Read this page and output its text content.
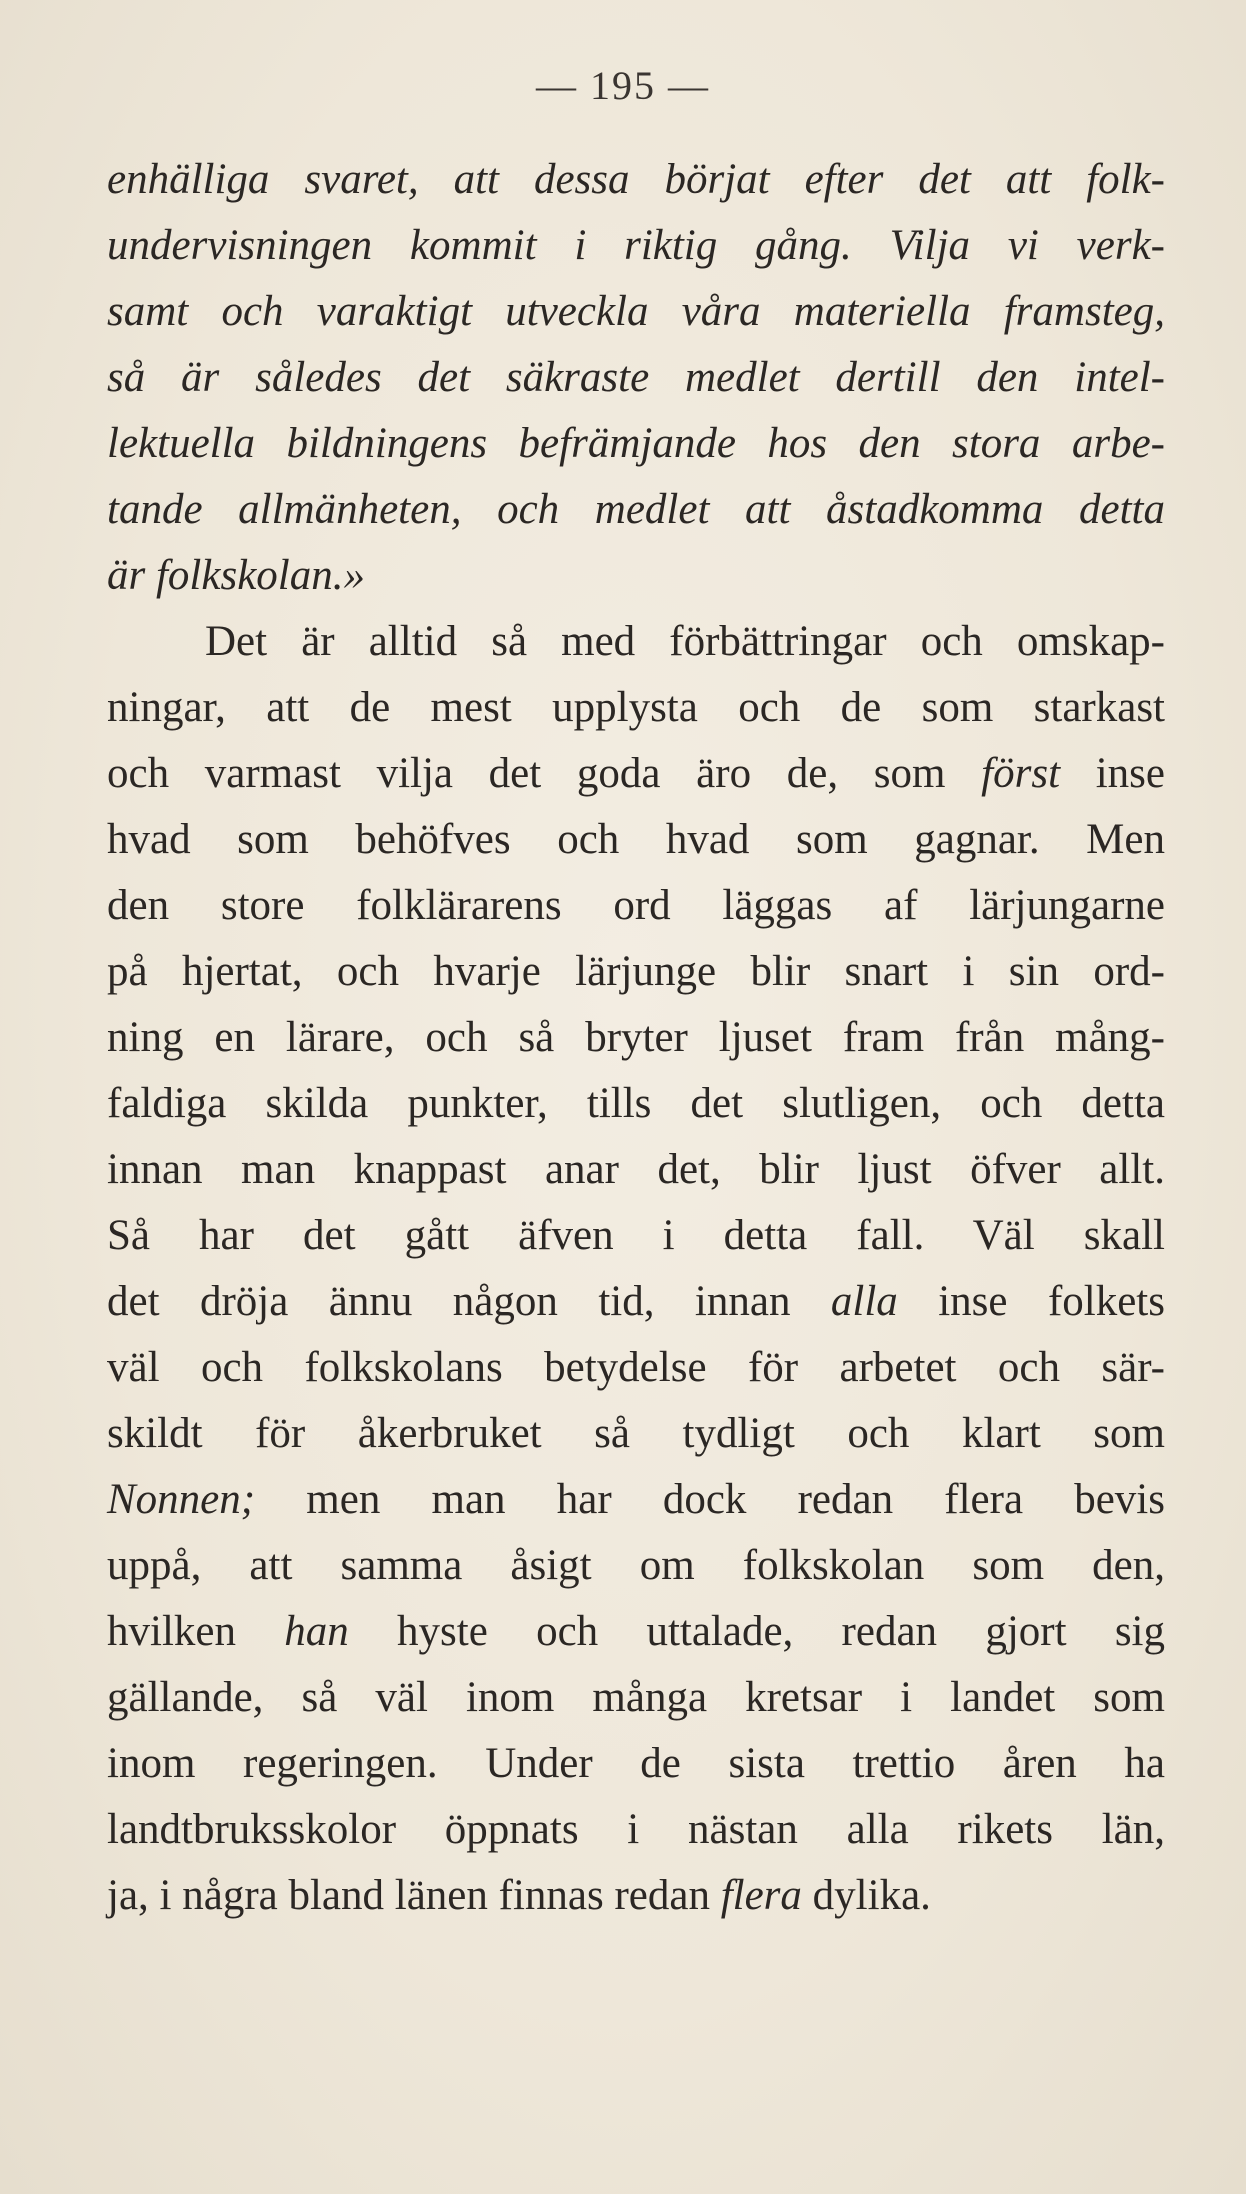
— 195 —
enhälliga svaret, att dessa börjat efter det att folk-
undervisningen kommit i riktig gång. Vilja vi verk-
samt och varaktigt utveckla våra materiella framsteg,
så är således det säkraste medlet dertill den intel-
lektuella bildningens befrämjande hos den stora arbe-
tande allmänheten, och medlet att åstadkomma detta
är folkskolan.»
Det är alltid så med förbättringar och omskap-
ningar, att de mest upplysta och de som starkast
och varmast vilja det goda äro de, som först inse
hvad som behöfves och hvad som gagnar. Men
den store folklärarens ord läggas af lärjungarne
på hjertat, och hvarje lärjunge blir snart i sin ord-
ning en lärare, och så bryter ljuset fram från mång-
faldiga skilda punkter, tills det slutligen, och detta
innan man knappast anar det, blir ljust öfver allt.
Så har det gått äfven i detta fall. Väl skall
det dröja ännu någon tid, innan alla inse folkets
väl och folkskolans betydelse för arbetet och sär-
skildt för åkerbruket så tydligt och klart som
Nonnen; men man har dock redan flera bevis
uppå, att samma åsigt om folkskolan som den,
hvilken han hyste och uttalade, redan gjort sig
gällande, så väl inom många kretsar i landet som
inom regeringen. Under de sista trettio åren ha
landtbruksskolor öppnats i nästan alla rikets län,
ja, i några bland länen finnas redan flera dylika.
